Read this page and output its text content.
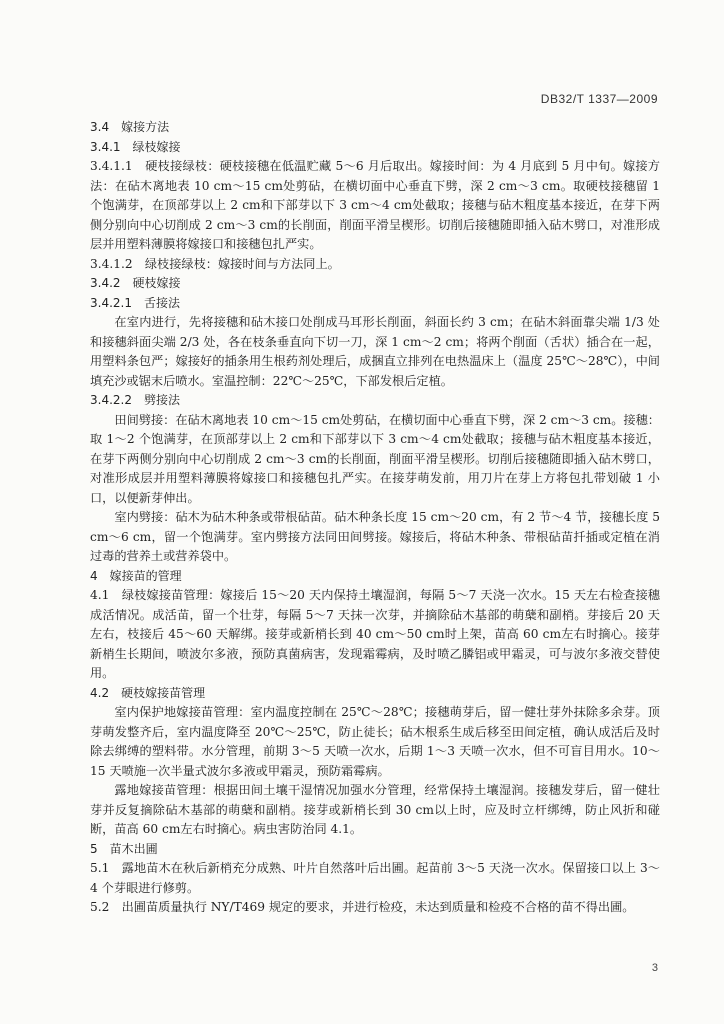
DB32/T 1337—2009

3.4　嫁接方法

3.4.1　绿枝嫁接

3.4.1.1　硬枝接绿枝：硬枝接穗在低温贮藏 5～6 月后取出。嫁接时间：为 4 月底到 5 月中旬。嫁接方法：在砧木离地表 10 cm～15 cm处剪砧，在横切面中心垂直下劈，深 2 cm～3 cm。取硬枝接穗留 1 个饱满芽，在顶部芽以上 2 cm和下部芽以下 3 cm～4 cm处截取；接穗与砧木粗度基本接近，在芽下两侧分别向中心切削成 2 cm～3 cm的长削面，削面平滑呈楔形。切削后接穗随即插入砧木劈口，对准形成层并用塑料薄膜将嫁接口和接穗包扎严实。

3.4.1.2　绿枝接绿枝：嫁接时间与方法同上。

3.4.2　硬枝嫁接

3.4.2.1　舌接法

在室内进行，先将接穗和砧木接口处削成马耳形长削面，斜面长约 3 cm；在砧木斜面靠尖端 1/3 处和接穗斜面尖端 2/3 处，各在枝条垂直向下切一刀，深 1 cm～2 cm；将两个削面（舌状）插合在一起，用塑料条包严；嫁接好的插条用生根药剂处理后，成捆直立排列在电热温床上（温度 25℃～28℃），中间填充沙或锯末后喷水。室温控制：22℃～25℃，下部发根后定植。

3.4.2.2　劈接法

田间劈接：在砧木离地表 10 cm～15 cm处剪砧，在横切面中心垂直下劈，深 2 cm～3 cm。接穗：取 1～2 个饱满芽，在顶部芽以上 2 cm和下部芽以下 3 cm～4 cm处截取；接穗与砧木粗度基本接近，在芽下两侧分别向中心切削成 2 cm～3 cm的长削面，削面平滑呈楔形。切削后接穗随即插入砧木劈口，对准形成层并用塑料薄膜将嫁接口和接穗包扎严实。在接芽萌发前，用刀片在芽上方将包扎带划破 1 小口，以便新芽伸出。

室内劈接：砧木为砧木种条或带根砧苗。砧木种条长度 15 cm～20 cm，有 2 节～4 节，接穗长度 5 cm～6 cm，留一个饱满芽。室内劈接方法同田间劈接。嫁接后，将砧木种条、带根砧苗扦插或定植在消过毒的营养土或营养袋中。

4　嫁接苗的管理

4.1　绿枝嫁接苗管理：嫁接后 15～20 天内保持土壤湿润，每隔 5～7 天浇一次水。15 天左右检查接穗成活情况。成活苗，留一个壮芽，每隔 5～7 天抹一次芽，并摘除砧木基部的萌蘖和副梢。芽接后 20 天左右，枝接后 45～60 天解绑。接芽或新梢长到 40 cm～50 cm时上架，苗高 60 cm左右时摘心。接芽新梢生长期间，喷波尔多液，预防真菌病害，发现霜霉病，及时喷乙膦铝或甲霜灵，可与波尔多液交替使用。

4.2　硬枝嫁接苗管理

室内保护地嫁接苗管理：室内温度控制在 25℃～28℃；接穗萌芽后，留一健壮芽外抹除多余芽。顶芽萌发整齐后，室内温度降至 20℃～25℃，防止徒长；砧木根系生成后移至田间定植，确认成活后及时除去绑缚的塑料带。水分管理，前期 3～5 天喷一次水，后期 1～3 天喷一次水，但不可盲目用水。10～15 天喷施一次半量式波尔多液或甲霜灵，预防霜霉病。

露地嫁接苗管理：根据田间土壤干湿情况加强水分管理，经常保持土壤湿润。接穗发芽后，留一健壮芽并反复摘除砧木基部的萌蘖和副梢。接芽或新梢长到 30 cm以上时，应及时立杆绑缚，防止风折和碰断，苗高 60 cm左右时摘心。病虫害防治同 4.1。

5　苗木出圃

5.1　露地苗木在秋后新梢充分成熟、叶片自然落叶后出圃。起苗前 3～5 天浇一次水。保留接口以上 3～4 个芽眼进行修剪。

5.2　出圃苗质量执行 NY/T469 规定的要求，并进行检疫，未达到质量和检疫不合格的苗不得出圃。

3
